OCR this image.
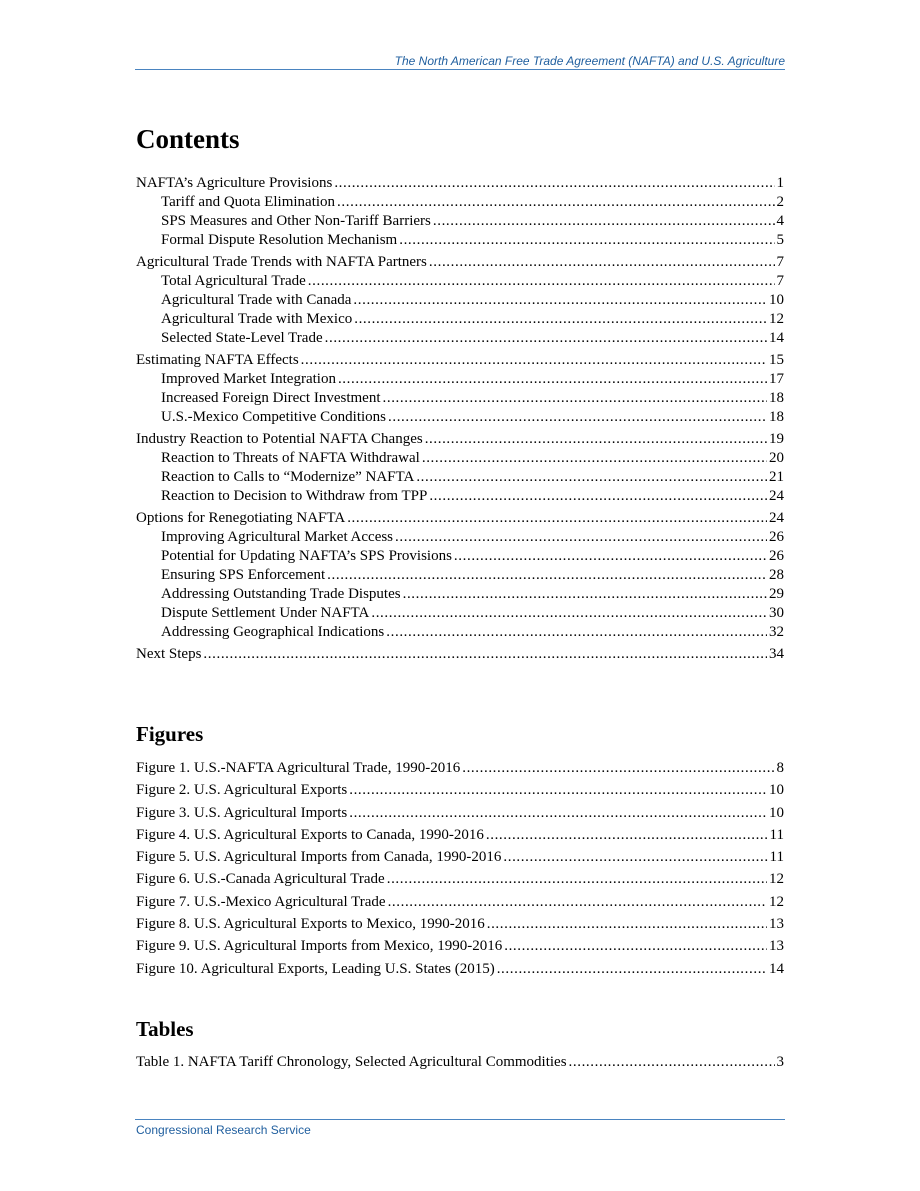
The North American Free Trade Agreement (NAFTA) and U.S. Agriculture
Contents
NAFTA’s Agriculture Provisions .....	1
Tariff and Quota Elimination .....	2
SPS Measures and Other Non-Tariff Barriers .....	4
Formal Dispute Resolution Mechanism .....	5
Agricultural Trade Trends with NAFTA Partners .....	7
Total Agricultural Trade .....	7
Agricultural Trade with Canada .....	10
Agricultural Trade with Mexico .....	12
Selected State-Level Trade .....	14
Estimating NAFTA Effects .....	15
Improved Market Integration .....	17
Increased Foreign Direct Investment .....	18
U.S.-Mexico Competitive Conditions .....	18
Industry Reaction to Potential NAFTA Changes .....	19
Reaction to Threats of NAFTA Withdrawal .....	20
Reaction to Calls to “Modernize” NAFTA .....	21
Reaction to Decision to Withdraw from TPP .....	24
Options for Renegotiating NAFTA .....	24
Improving Agricultural Market Access .....	26
Potential for Updating NAFTA’s SPS Provisions .....	26
Ensuring SPS Enforcement .....	28
Addressing Outstanding Trade Disputes .....	29
Dispute Settlement Under NAFTA .....	30
Addressing Geographical Indications .....	32
Next Steps .....	34
Figures
Figure 1. U.S.-NAFTA Agricultural Trade, 1990-2016 .....	8
Figure 2. U.S. Agricultural Exports .....	10
Figure 3. U.S. Agricultural Imports .....	10
Figure 4. U.S. Agricultural Exports to Canada, 1990-2016 .....	11
Figure 5. U.S. Agricultural Imports from Canada, 1990-2016 .....	11
Figure 6. U.S.-Canada Agricultural Trade .....	12
Figure 7. U.S.-Mexico Agricultural Trade .....	12
Figure 8. U.S. Agricultural Exports to Mexico, 1990-2016 .....	13
Figure 9. U.S. Agricultural Imports from Mexico, 1990-2016 .....	13
Figure 10. Agricultural Exports, Leading U.S. States (2015) .....	14
Tables
Table 1. NAFTA Tariff Chronology, Selected Agricultural Commodities .....	3
Congressional Research Service
